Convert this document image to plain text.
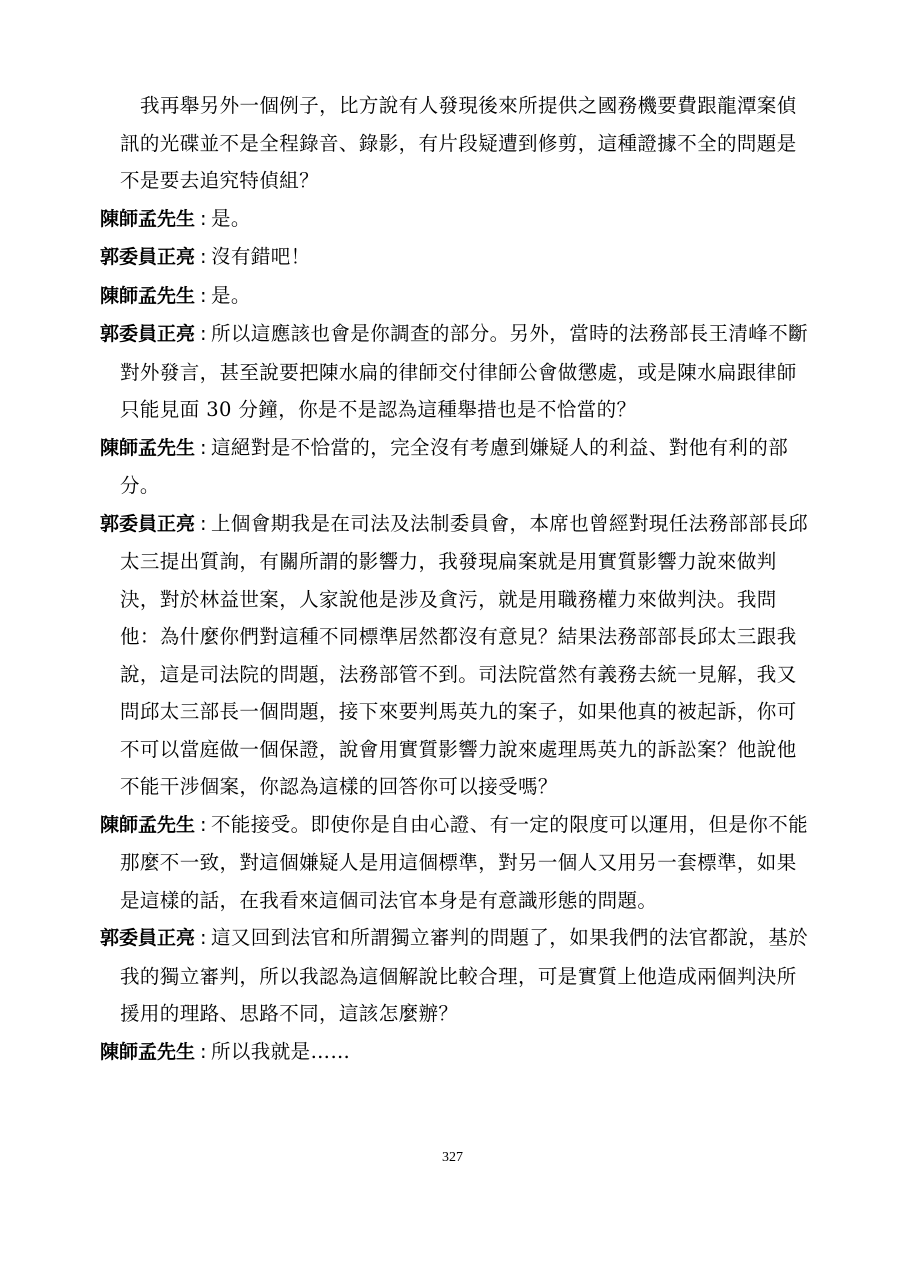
我再舉另外一個例子，比方說有人發現後來所提供之國務機要費跟龍潭案偵訊的光碟並不是全程錄音、錄影，有片段疑遭到修剪，這種證據不全的問題是不是要去追究特偵組？

陳師孟先生 : 是。

郭委員正亮 : 沒有錯吧！

陳師孟先生 : 是。

郭委員正亮 : 所以這應該也會是你調查的部分。另外，當時的法務部長王清峰不斷對外發言，甚至說要把陳水扁的律師交付律師公會做懲處，或是陳水扁跟律師只能見面 30 分鐘，你是不是認為這種舉措也是不恰當的？

陳師孟先生 : 這絕對是不恰當的，完全沒有考慮到嫌疑人的利益、對他有利的部分。

郭委員正亮 : 上個會期我是在司法及法制委員會，本席也曾經對現任法務部部長邱太三提出質詢，有關所謂的影響力，我發現扁案就是用實質影響力說來做判決，對於林益世案，人家說他是涉及貪污，就是用職務權力來做判決。我問他：為什麼你們對這種不同標準居然都沒有意見？結果法務部部長邱太三跟我說，這是司法院的問題，法務部管不到。司法院當然有義務去統一見解，我又問邱太三部長一個問題，接下來要判馬英九的案子，如果他真的被起訴，你可不可以當庭做一個保證，說會用實質影響力說來處理馬英九的訴訟案？他說他不能干涉個案，你認為這樣的回答你可以接受嗎？

陳師孟先生 : 不能接受。即使你是自由心證、有一定的限度可以運用，但是你不能那麼不一致，對這個嫌疑人是用這個標準，對另一個人又用另一套標準，如果是這樣的話，在我看來這個司法官本身是有意識形態的問題。

郭委員正亮 : 這又回到法官和所謂獨立審判的問題了，如果我們的法官都說，基於我的獨立審判，所以我認為這個解說比較合理，可是實質上他造成兩個判決所援用的理路、思路不同，這該怎麼辦？

陳師孟先生 : 所以我就是……

327
